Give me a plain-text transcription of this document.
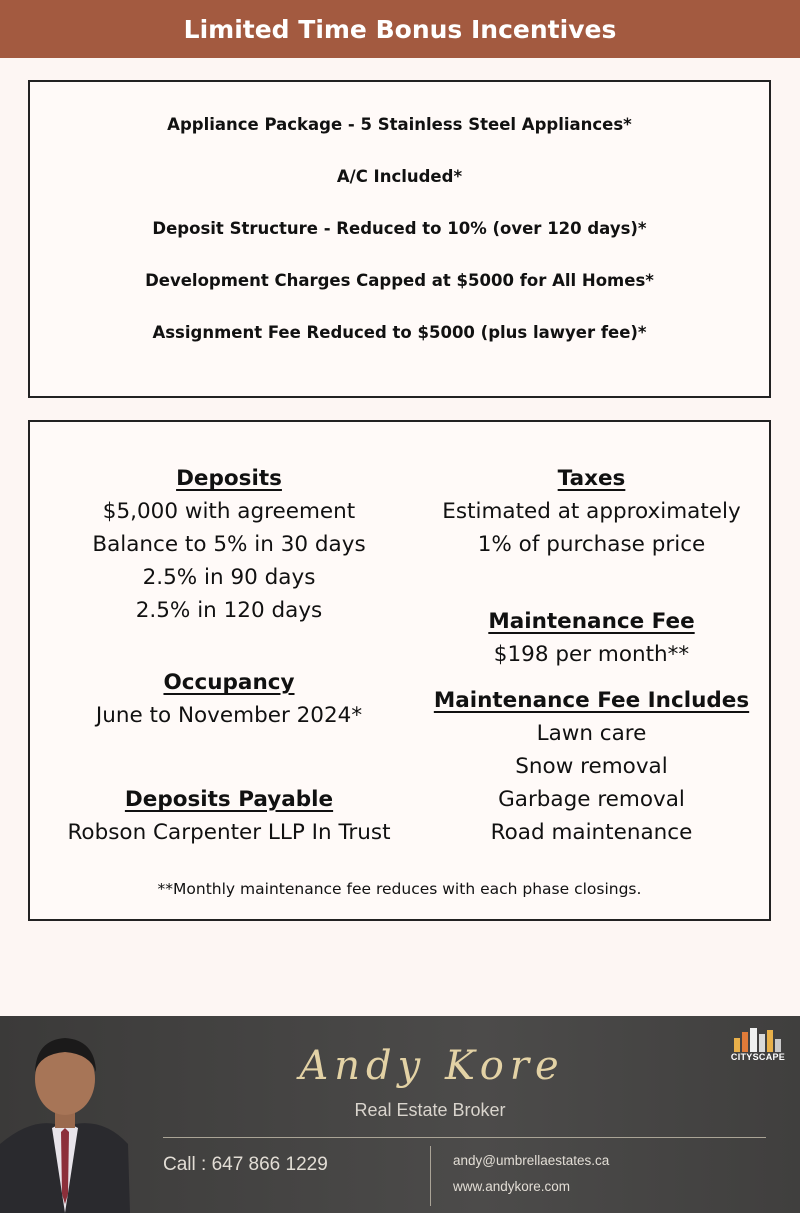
Limited Time Bonus Incentives
Appliance Package - 5 Stainless Steel Appliances*
A/C Included*
Deposit Structure - Reduced to 10% (over 120 days)*
Development Charges Capped at $5000 for All Homes*
Assignment Fee Reduced to $5000 (plus lawyer fee)*
Deposits
$5,000 with agreement
Balance to 5% in 30 days
2.5% in 90 days
2.5% in 120 days
Occupancy
June to November 2024*
Deposits Payable
Robson Carpenter LLP In Trust
Taxes
Estimated at approximately
1% of purchase price
Maintenance Fee
$198 per month**
Maintenance Fee Includes
Lawn care
Snow removal
Garbage removal
Road maintenance
**Monthly maintenance fee reduces with each phase closings.
Andy Kore
Real Estate Broker
Call : 647 866 1229	andy@umbrellaestates.ca
www.andykore.com
CITYSCAPE
